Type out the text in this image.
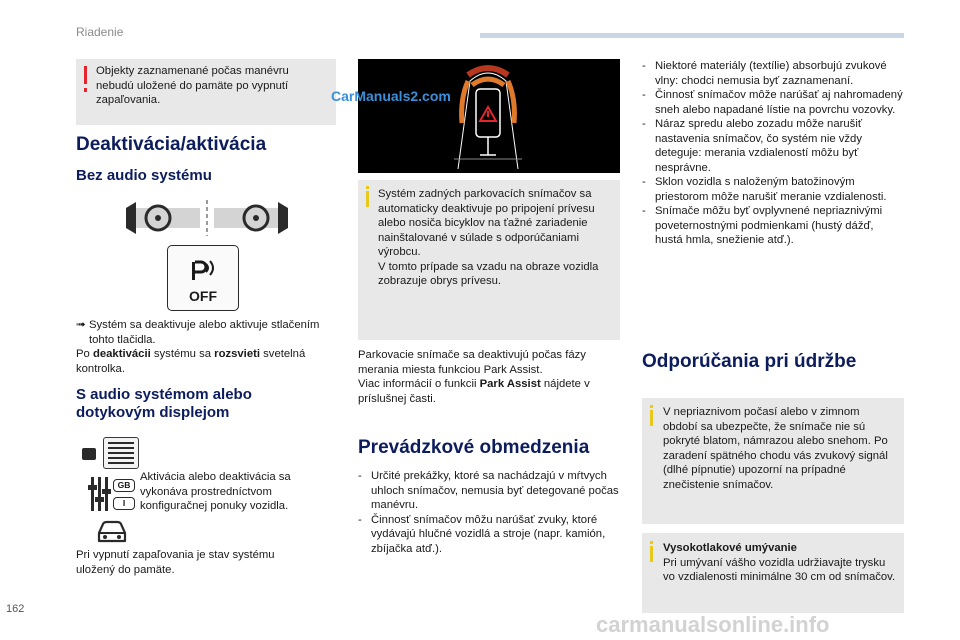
Riadenie
Objekty zaznamenané počas manévru nebudú uložené do pamäte po vypnutí zapaľovania.
Deaktivácia/aktivácia
Bez audio systému
OFF
➟ Systém sa deaktivuje alebo aktivuje stlačením tohto tlačidla.
Po deaktivácii systému sa rozsvieti svetelná kontrolka.
S audio systémom alebo
dotykovým displejom
GB
I
Aktivácia alebo deaktivácia sa vykonáva prostredníctvom konfiguračnej ponuky vozidla.
Pri vypnutí zapaľovania je stav systému uložený do pamäte.
CarManuals2.com
Systém zadných parkovacích snímačov sa automaticky deaktivuje po pripojení prívesu alebo nosiča bicyklov na ťažné zariadenie nainštalované v súlade s odporúčaniami výrobcu.
V tomto prípade sa vzadu na obraze vozidla zobrazuje obrys prívesu.
Parkovacie snímače sa deaktivujú počas fázy merania miesta funkciou Park Assist.
Viac informácií o funkcii Park Assist nájdete v príslušnej časti.
Prevádzkové obmedzenia
- Určité prekážky, ktoré sa nachádzajú v mŕtvych uhloch snímačov, nemusia byť detegované počas manévru.
- Činnosť snímačov môžu narúšať zvuky, ktoré vydávajú hlučné vozidlá a stroje (napr. kamión, zbíjačka atď.).
- Niektoré materiály (textílie) absorbujú zvukové vlny: chodci nemusia byť zaznamenaní.
- Činnosť snímačov môže narúšať aj nahromadený sneh alebo napadané lístie na povrchu vozovky.
- Náraz spredu alebo zozadu môže narušiť nastavenia snímačov, čo systém nie vždy deteguje: merania vzdialeností môžu byť nesprávne.
- Sklon vozidla s naloženým batožinovým priestorom môže narušiť meranie vzdialenosti.
- Snímače môžu byť ovplyvnené nepriaznivými poveternostnými podmienkami (hustý dážď, hustá hmla, snežienie atď.).
Odporúčania pri údržbe
V nepriaznivom počasí alebo v zimnom období sa ubezpečte, že snímače nie sú pokryté blatom, námrazou alebo snehom. Po zaradení spätného chodu vás zvukový signál (dlhé pípnutie) upozorní na prípadné znečistenie snímačov.
Vysokotlakové umývanie
Pri umývaní vášho vozidla udržiavajte trysku vo vzdialenosti minimálne 30 cm od snímačov.
162
carmanualsonline.info
